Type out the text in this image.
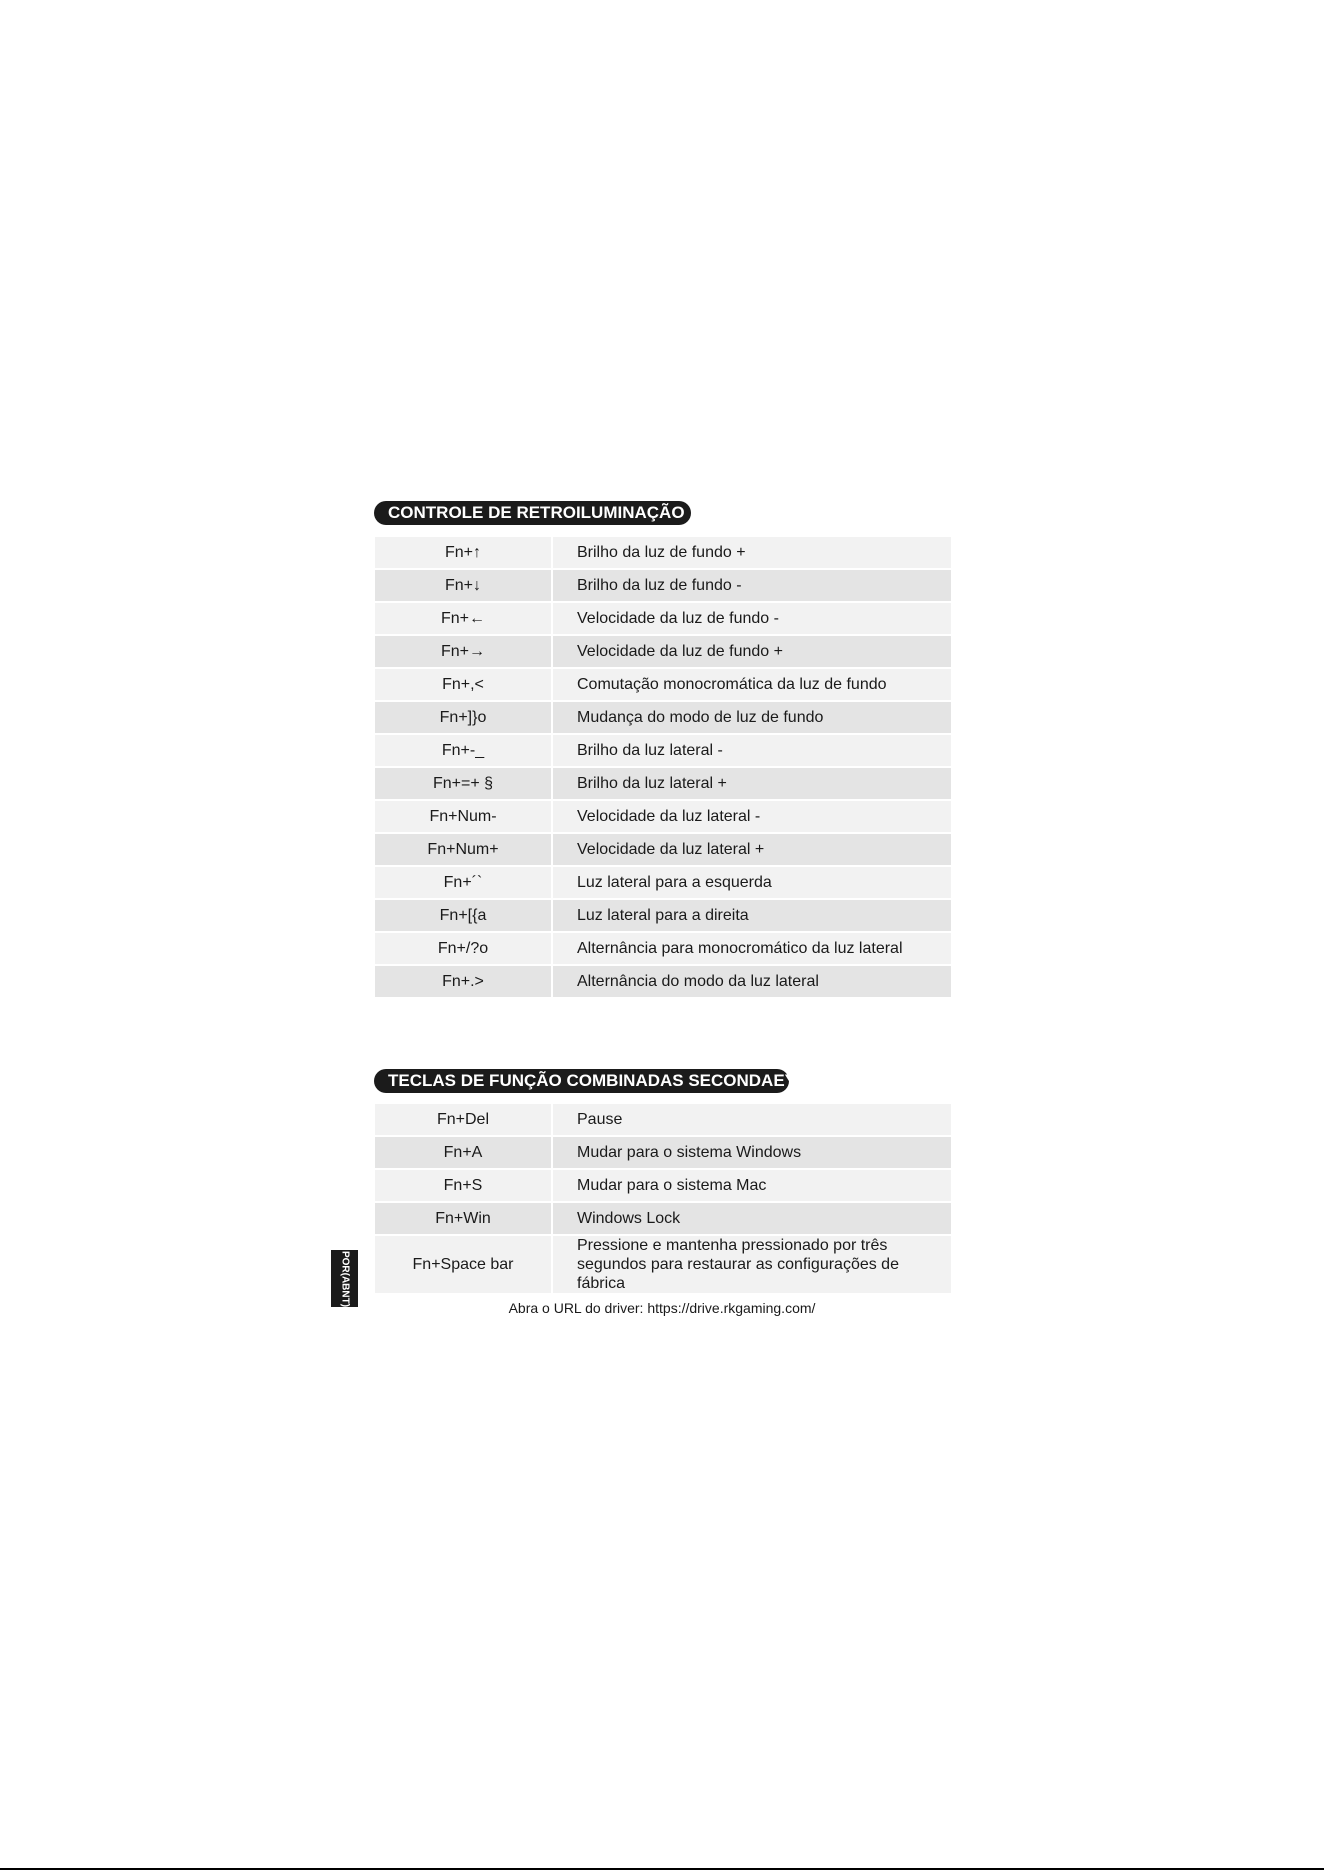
CONTROLE DE RETROILUMINAÇÃO
Fn+↑		Brilho da luz de fundo +
Fn+↓		Brilho da luz de fundo -
Fn+←		Velocidade da luz de fundo -
Fn+→		Velocidade da luz de fundo +
Fn+,<		Comutação monocromática da luz de fundo
Fn+]}o		Mudança do modo de luz de fundo
Fn+-_		Brilho da luz lateral -
Fn+=+ §		Brilho da luz lateral +
Fn+Num-		Velocidade da luz lateral -
Fn+Num+		Velocidade da luz lateral +
Fn+´`		Luz lateral para a esquerda
Fn+[{a		Luz lateral para a direita
Fn+/?o		Alternância para monocromático da luz lateral
Fn+.>		Alternância do modo da luz lateral
TECLAS DE FUNÇÃO COMBINADAS SECONDAEY
Fn+Del		Pause
Fn+A		Mudar para o sistema Windows
Fn+S		Mudar para o sistema Mac
Fn+Win		Windows Lock
Fn+Space bar		Pressione e mantenha pressionado por três segundos para restaurar as configurações de fábrica
POR(ABNT)
Abra o URL do driver: https://drive.rkgaming.com/
